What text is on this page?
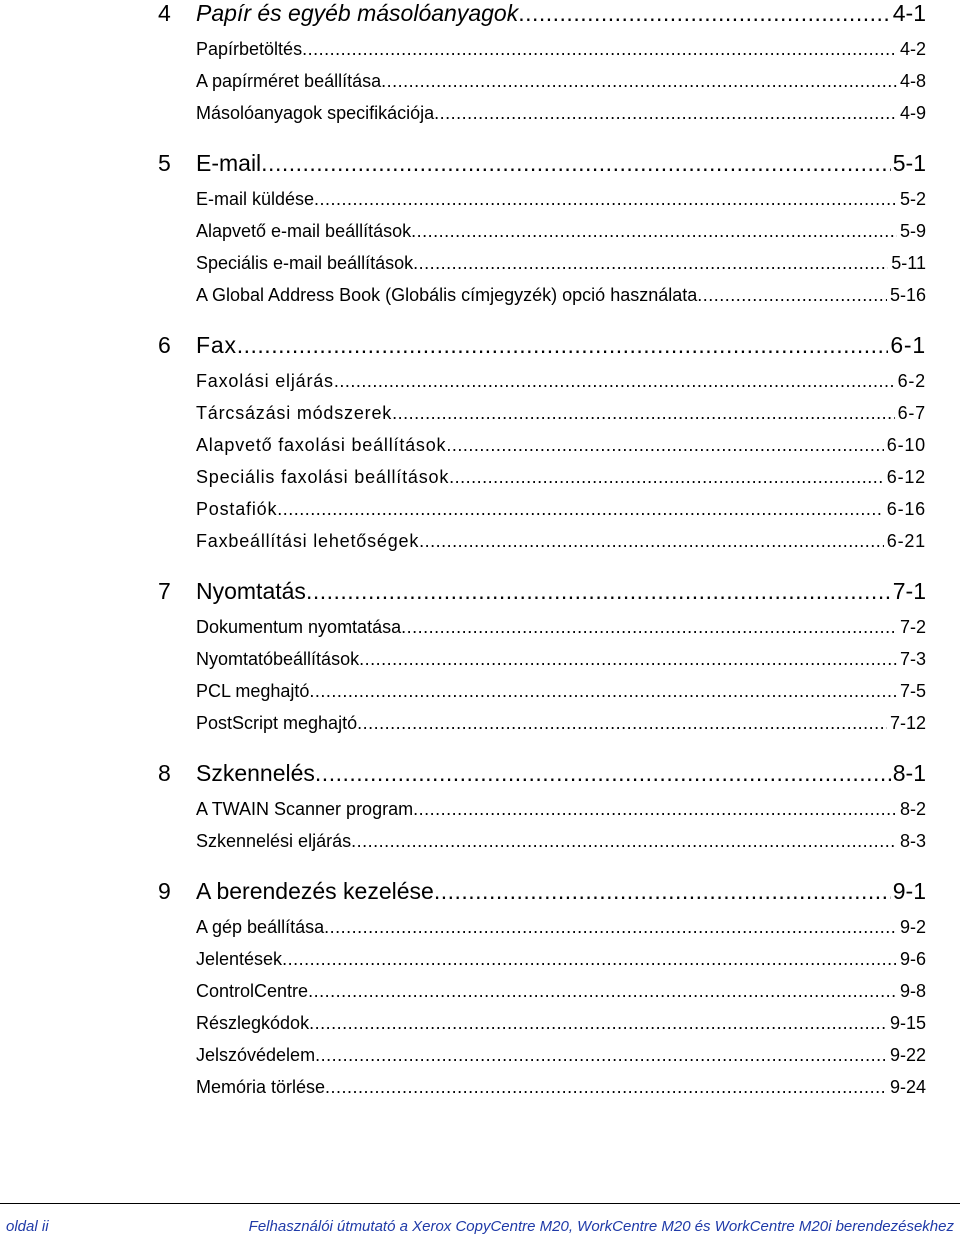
4	Papír és egyéb másolóanyagok .....	4-1
Papírbetöltés .....	4-2
A papírméret beállítása .....	4-8
Másolóanyagok specifikációja .....	4-9
5	E-mail .....	5-1
E-mail küldése .....	5-2
Alapvető e-mail beállítások .....	5-9
Speciális e-mail beállítások .....	5-11
A Global Address Book (Globális címjegyzék) opció használata .....	5-16
6	Fax .....	6-1
Faxolási eljárás .....	6-2
Tárcsázási módszerek .....	6-7
Alapvető faxolási beállítások .....	6-10
Speciális faxolási beállítások .....	6-12
Postafiók .....	6-16
Faxbeállítási lehetőségek .....	6-21
7	Nyomtatás .....	7-1
Dokumentum nyomtatása .....	7-2
Nyomtatóbeállítások .....	7-3
PCL meghajtó .....	7-5
PostScript meghajtó .....	7-12
8	Szkennelés .....	8-1
A TWAIN Scanner program .....	8-2
Szkennelési eljárás .....	8-3
9	A berendezés kezelése .....	9-1
A gép beállítása .....	9-2
Jelentések .....	9-6
ControlCentre .....	9-8
Részlegkódok .....	9-15
Jelszóvédelem .....	9-22
Memória törlése .....	9-24
oldal ii	Felhasználói útmutató a Xerox CopyCentre M20, WorkCentre M20 és WorkCentre M20i berendezésekhez
